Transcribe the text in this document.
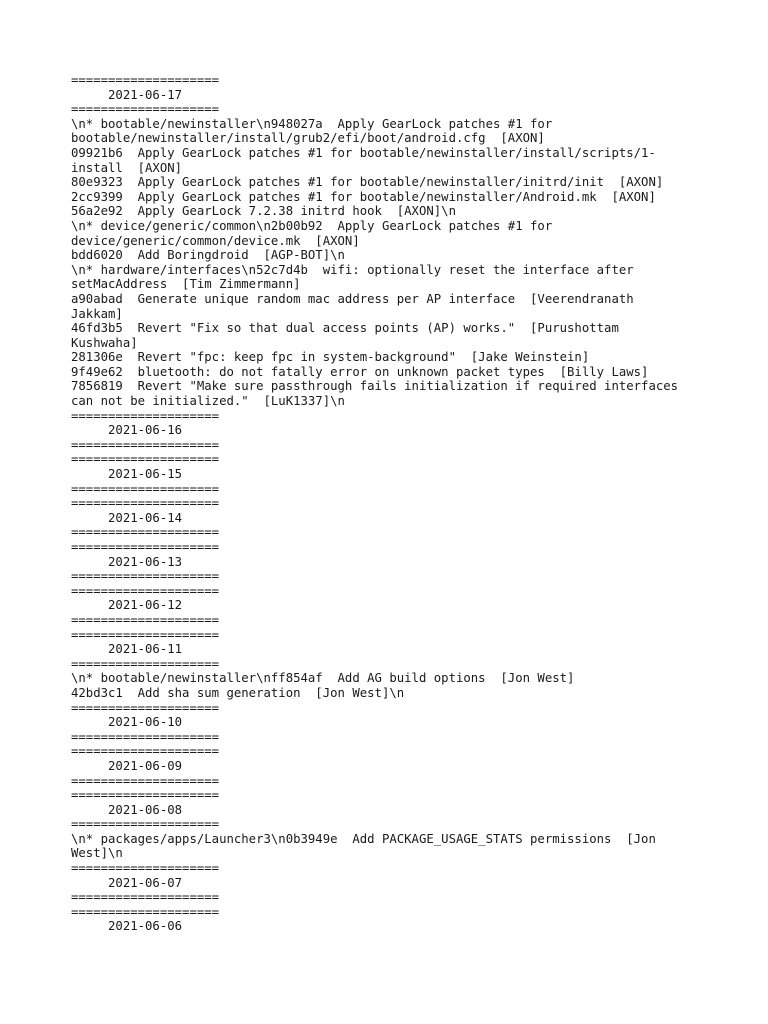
====================
2021-06-17
====================
\n* bootable/newinstaller\n948027a  Apply GearLock patches #1 for
bootable/newinstaller/install/grub2/efi/boot/android.cfg  [AXON]
09921b6  Apply GearLock patches #1 for bootable/newinstaller/install/scripts/1-
install  [AXON]
80e9323  Apply GearLock patches #1 for bootable/newinstaller/initrd/init  [AXON]
2cc9399  Apply GearLock patches #1 for bootable/newinstaller/Android.mk  [AXON]
56a2e92  Apply GearLock 7.2.38 initrd hook  [AXON]\n
\n* device/generic/common\n2b00b92  Apply GearLock patches #1 for
device/generic/common/device.mk  [AXON]
bdd6020  Add Boringdroid  [AGP-BOT]\n
\n* hardware/interfaces\n52c7d4b  wifi: optionally reset the interface after
setMacAddress  [Tim Zimmermann]
a90abad  Generate unique random mac address per AP interface  [Veerendranath
Jakkam]
46fd3b5  Revert "Fix so that dual access points (AP) works."  [Purushottam
Kushwaha]
281306e  Revert "fpc: keep fpc in system-background"  [Jake Weinstein]
9f49e62  bluetooth: do not fatally error on unknown packet types  [Billy Laws]
7856819  Revert "Make sure passthrough fails initialization if required interfaces
can not be initialized."  [LuK1337]\n
====================
2021-06-16
====================
====================
2021-06-15
====================
====================
2021-06-14
====================
====================
2021-06-13
====================
====================
2021-06-12
====================
====================
2021-06-11
====================
\n* bootable/newinstaller\nff854af  Add AG build options  [Jon West]
42bd3c1  Add sha sum generation  [Jon West]\n
====================
2021-06-10
====================
====================
2021-06-09
====================
====================
2021-06-08
====================
\n* packages/apps/Launcher3\n0b3949e  Add PACKAGE_USAGE_STATS permissions  [Jon
West]\n
====================
2021-06-07
====================
====================
2021-06-06
